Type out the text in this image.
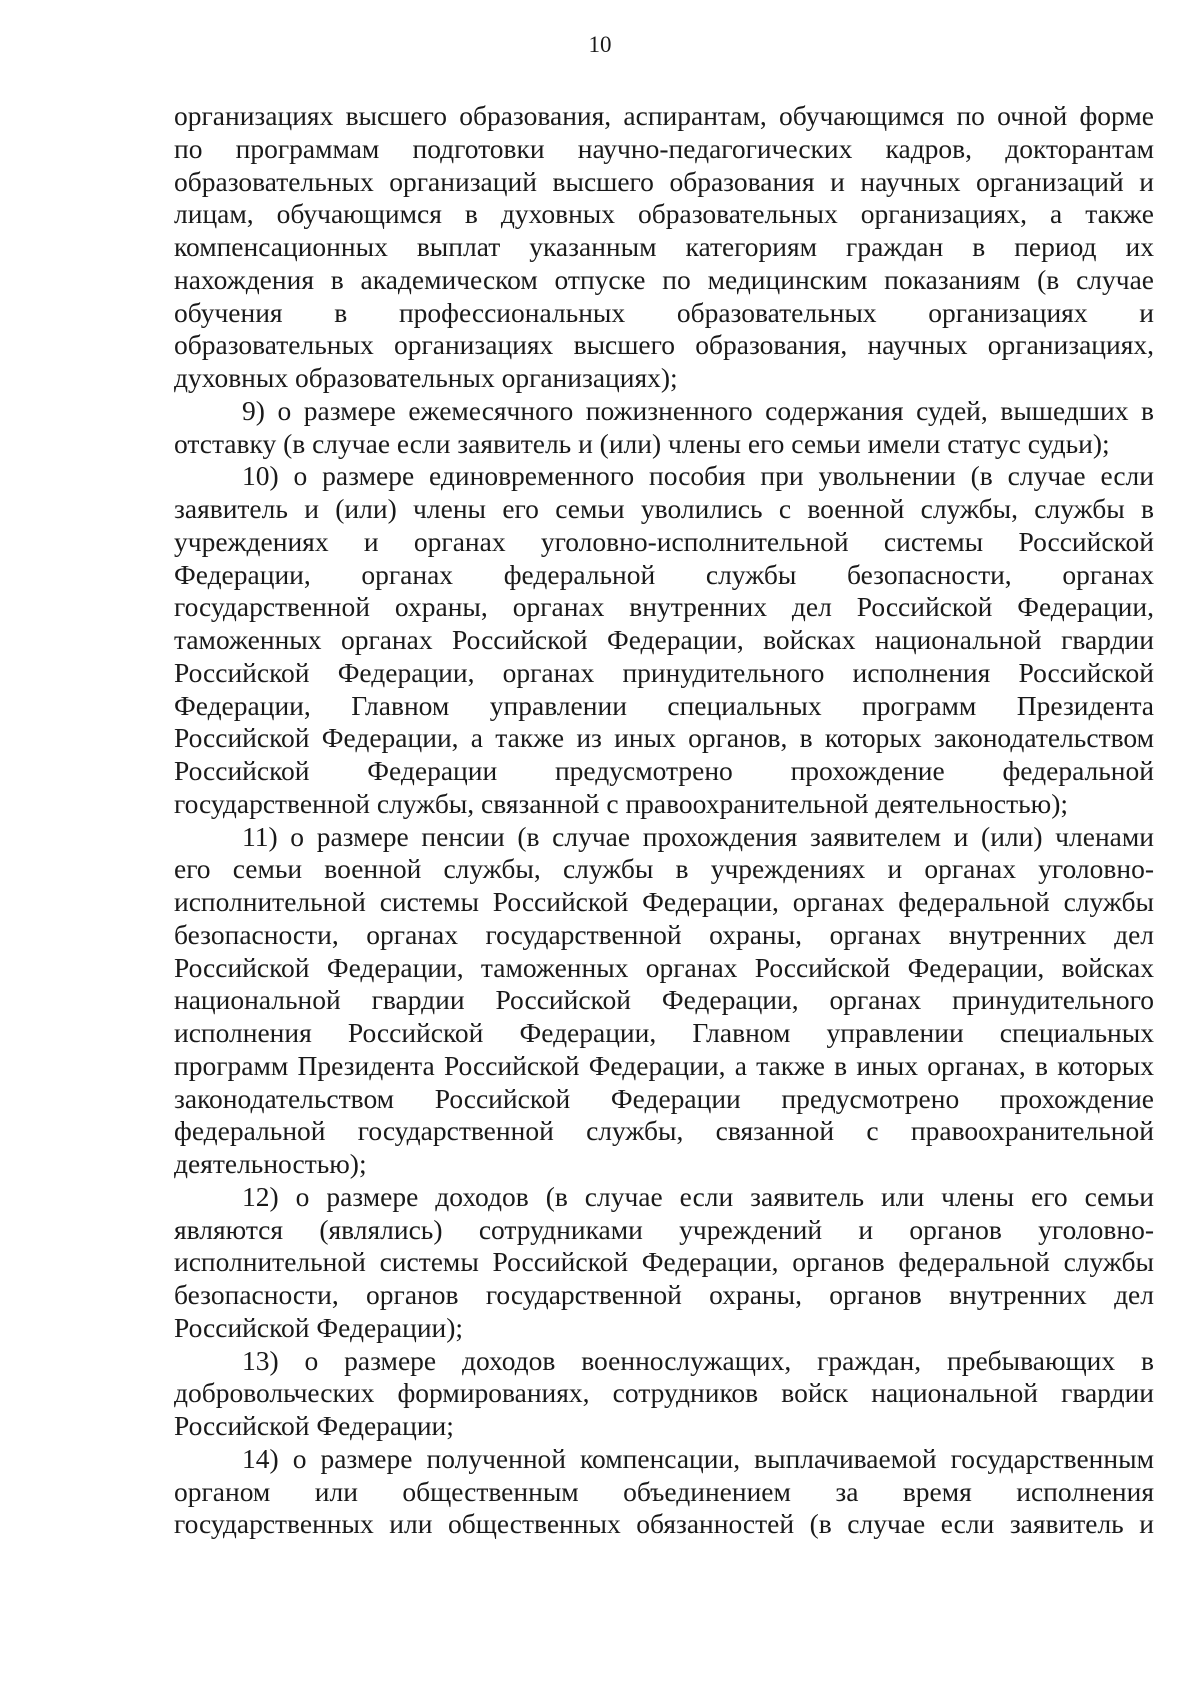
10
организациях высшего образования, аспирантам, обучающимся по очной форме
по программам подготовки научно-педагогических кадров, докторантам
образовательных организаций высшего образования и научных организаций и
лицам, обучающимся в духовных образовательных организациях, а также
компенсационных выплат указанным категориям граждан в период их
нахождения в академическом отпуске по медицинским показаниям (в случае
обучения в профессиональных образовательных организациях и
образовательных организациях высшего образования, научных организациях,
духовных образовательных организациях);
9) о размере ежемесячного пожизненного содержания судей, вышедших в
отставку (в случае если заявитель и (или) члены его семьи имели статус судьи);
10) о размере единовременного пособия при увольнении (в случае если
заявитель и (или) члены его семьи уволились с военной службы, службы в
учреждениях и органах уголовно-исполнительной системы Российской
Федерации, органах федеральной службы безопасности, органах
государственной охраны, органах внутренних дел Российской Федерации,
таможенных органах Российской Федерации, войсках национальной гвардии
Российской Федерации, органах принудительного исполнения Российской
Федерации, Главном управлении специальных программ Президента
Российской Федерации, а также из иных органов, в которых законодательством
Российской Федерации предусмотрено прохождение федеральной
государственной службы, связанной с правоохранительной деятельностью);
11) о размере пенсии (в случае прохождения заявителем и (или) членами
его семьи военной службы, службы в учреждениях и органах уголовно-
исполнительной системы Российской Федерации, органах федеральной службы
безопасности, органах государственной охраны, органах внутренних дел
Российской Федерации, таможенных органах Российской Федерации, войсках
национальной гвардии Российской Федерации, органах принудительного
исполнения Российской Федерации, Главном управлении специальных
программ Президента Российской Федерации, а также в иных органах, в которых
законодательством Российской Федерации предусмотрено прохождение
федеральной государственной службы, связанной с правоохранительной
деятельностью);
12) о размере доходов (в случае если заявитель или члены его семьи
являются (являлись) сотрудниками учреждений и органов уголовно-
исполнительной системы Российской Федерации, органов федеральной службы
безопасности, органов государственной охраны, органов внутренних дел
Российской Федерации);
13) о размере доходов военнослужащих, граждан, пребывающих в
добровольческих формированиях, сотрудников войск национальной гвардии
Российской Федерации;
14) о размере полученной компенсации, выплачиваемой государственным
органом или общественным объединением за время исполнения
государственных или общественных обязанностей (в случае если заявитель и
